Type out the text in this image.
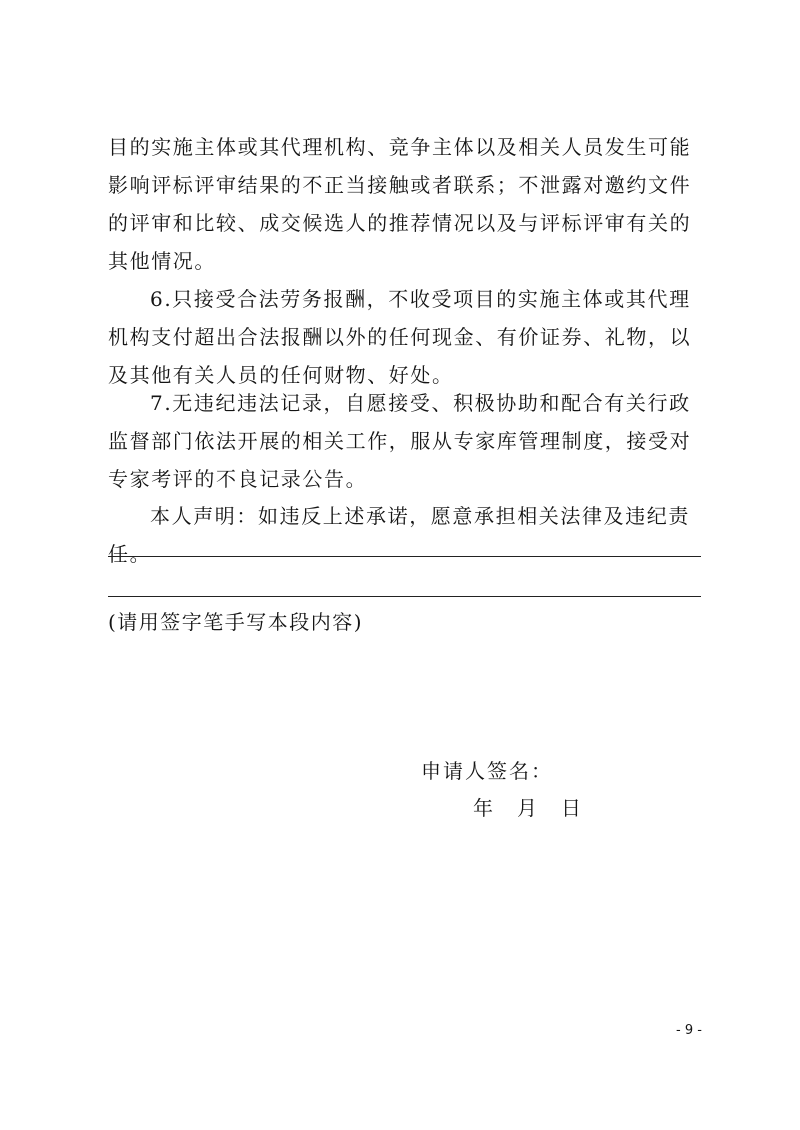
目的实施主体或其代理机构、竞争主体以及相关人员发生可能影响评标评审结果的不正当接触或者联系；不泄露对邀约文件的评审和比较、成交候选人的推荐情况以及与评标评审有关的其他情况。

6.只接受合法劳务报酬，不收受项目的实施主体或其代理机构支付超出合法报酬以外的任何现金、有价证券、礼物，以及其他有关人员的任何财物、好处。

7.无违纪违法记录，自愿接受、积极协助和配合有关行政监督部门依法开展的相关工作，服从专家库管理制度，接受对专家考评的不良记录公告。

本人声明：如违反上述承诺，愿意承担相关法律及违纪责任。

(请用签字笔手写本段内容)
申请人签名：
年 月 日
- 9 -
